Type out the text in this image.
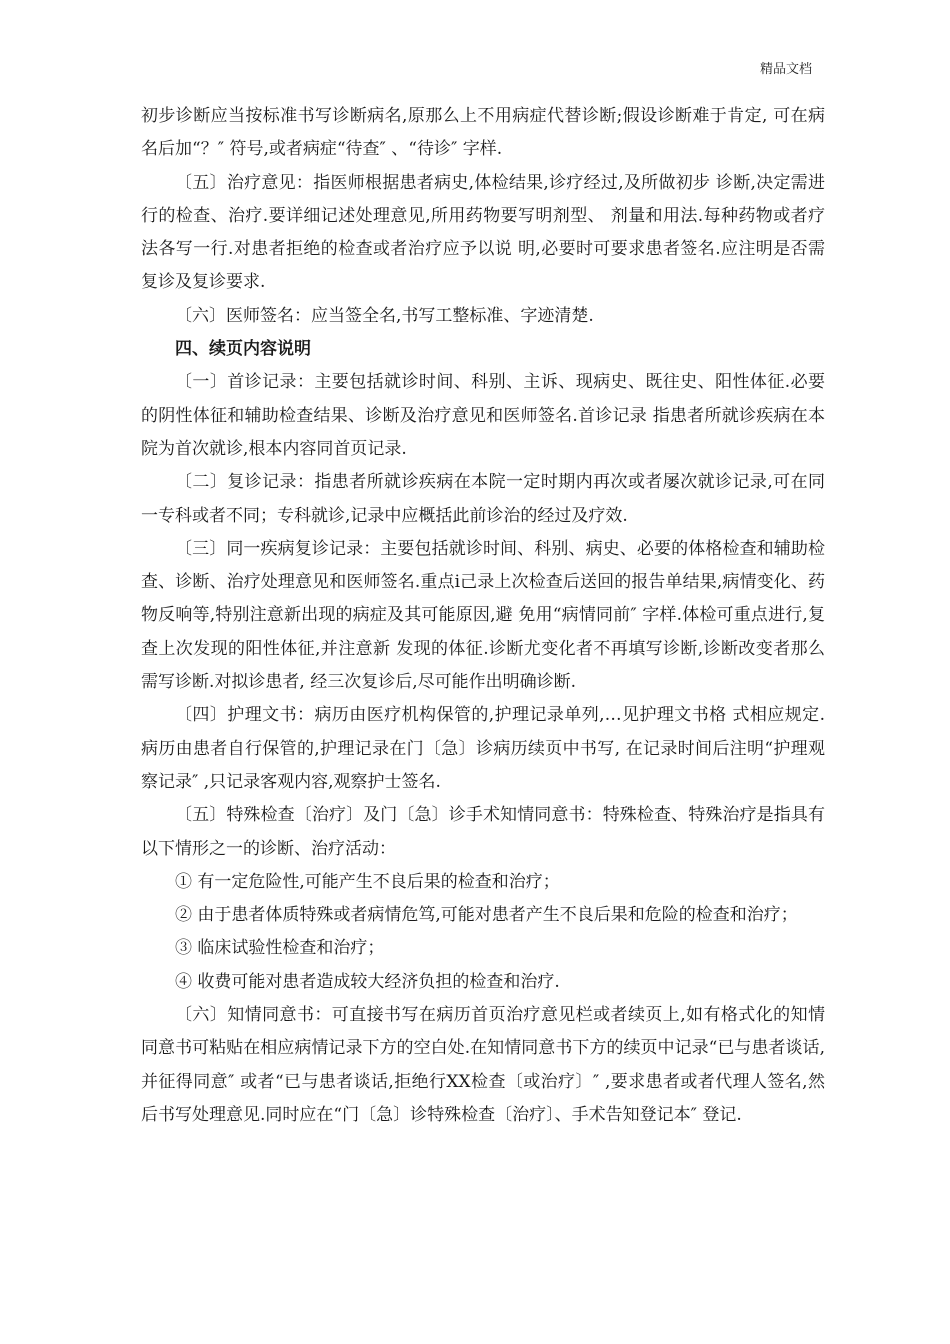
精品文档

初步诊断应当按标准书写诊断病名,原那么上不用病症代替诊断;假设诊断难于肯定, 可在病名后加“？″ 符号,或者病症“待查″ 、“待诊″ 字样.

〔五〕治疗意见：指医师根据患者病史,体检结果,诊疗经过,及所做初步 诊断,决定需进行的检查、治疗.要详细记述处理意见,所用药物要写明剂型、 剂量和用法.每种药物或者疗法各写一行.对患者拒绝的检查或者治疗应予以说 明,必要时可要求患者签名.应注明是否需复诊及复诊要求.

〔六〕医师签名：应当签全名,书写工整标准、字迹清楚.

四、续页内容说明

〔一〕首诊记录：主要包括就诊时间、科别、主诉、现病史、既往史、阳性体征.必要的阴性体征和辅助检查结果、诊断及治疗意见和医师签名.首诊记录 指患者所就诊疾病在本院为首次就诊,根本内容同首页记录.

〔二〕复诊记录：指患者所就诊疾病在本院一定时期内再次或者屡次就诊记录,可在同一专科或者不同；专科就诊,记录中应概括此前诊治的经过及疗效.

〔三〕同一疾病复诊记录：主要包括就诊时间、科别、病史、必要的体格检查和辅助检查、诊断、治疗处理意见和医师签名.重点i己录上次检查后送回的报告单结果,病情变化、药物反响等,特别注意新出现的病症及其可能原因,避 免用“病情同前″ 字样.体检可重点进行,复查上次发现的阳性体征,并注意新 发现的体征.诊断尤变化者不再填写诊断,诊断改变者那么需写诊断.对拟诊患者, 经三次复诊后,尽可能作出明确诊断.

〔四〕护理文书：病历由医疗机构保管的,护理记录单列,…见护理文书格 式相应规定.病历由患者自行保管的,护理记录在门〔急〕诊病历续页中书写, 在记录时间后注明“护理观察记录″ ,只记录客观内容,观察护士签名.

〔五〕特殊检查〔治疗〕及门〔急〕诊手术知情同意书：特殊检查、特殊治疗是指具有以下情形之一的诊断、治疗活动：

① 有一定危险性,可能产生不良后果的检查和治疗；

② 由于患者体质特殊或者病情危笃,可能对患者产生不良后果和危险的检查和治疗；

③ 临床试验性检查和治疗；

④ 收费可能对患者造成较大经济负担的检查和治疗.

〔六〕知情同意书：可直接书写在病历首页治疗意见栏或者续页上,如有格式化的知情同意书可粘贴在相应病情记录下方的空白处.在知情同意书下方的续页中记录“已与患者谈话,并征得同意″ 或者“已与患者谈话,拒绝行XX检查〔或治疗〕″ ,要求患者或者代理人签名,然后书写处理意见.同时应在“门〔急〕诊特殊检查〔治疗〕、手术告知登记本″ 登记.
